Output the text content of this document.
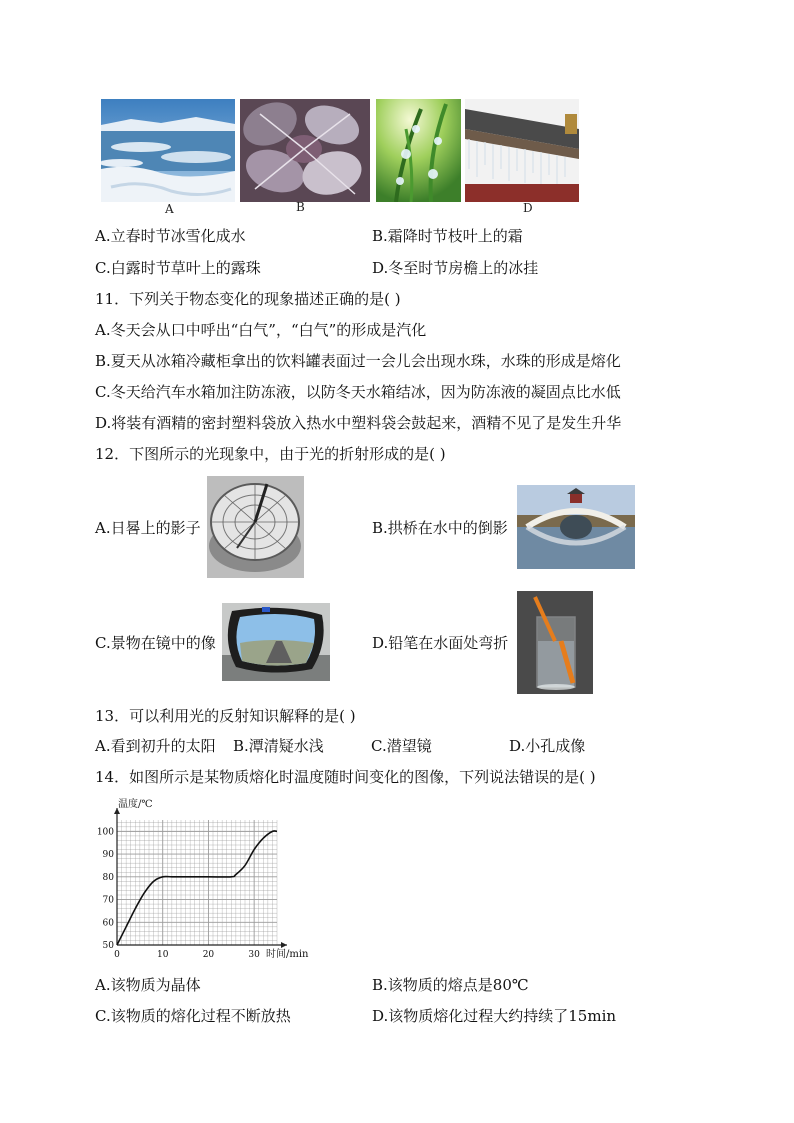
A	B	D
A.立春时节冰雪化成水	B.霜降时节枝叶上的霜
C.白露时节草叶上的露珠	D.冬至时节房檐上的冰挂
11．下列关于物态变化的现象描述正确的是( )
A.冬天会从口中呼出“白气”，“白气”的形成是汽化
B.夏天从冰箱冷藏柜拿出的饮料罐表面过一会儿会出现水珠，水珠的形成是熔化
C.冬天给汽车水箱加注防冻液，以防冬天水箱结冰，因为防冻液的凝固点比水低
D.将装有酒精的密封塑料袋放入热水中塑料袋会鼓起来，酒精不见了是发生升华
12．下图所示的光现象中，由于光的折射形成的是( )
A.日晷上的影子	B.拱桥在水中的倒影
C.景物在镜中的像	D.铅笔在水面处弯折
13．可以利用光的反射知识解释的是( )
A.看到初升的太阳 B.潭清疑水浅	C.潜望镜	D.小孔成像
14．如图所示是某物质熔化时温度随时间变化的图像，下列说法错误的是( )
0	10	20	30
50
60
70
80
90
100
温度/℃
时间/min
A.该物质为晶体	B.该物质的熔点是80℃
C.该物质的熔化过程不断放热	D.该物质熔化过程大约持续了15min
